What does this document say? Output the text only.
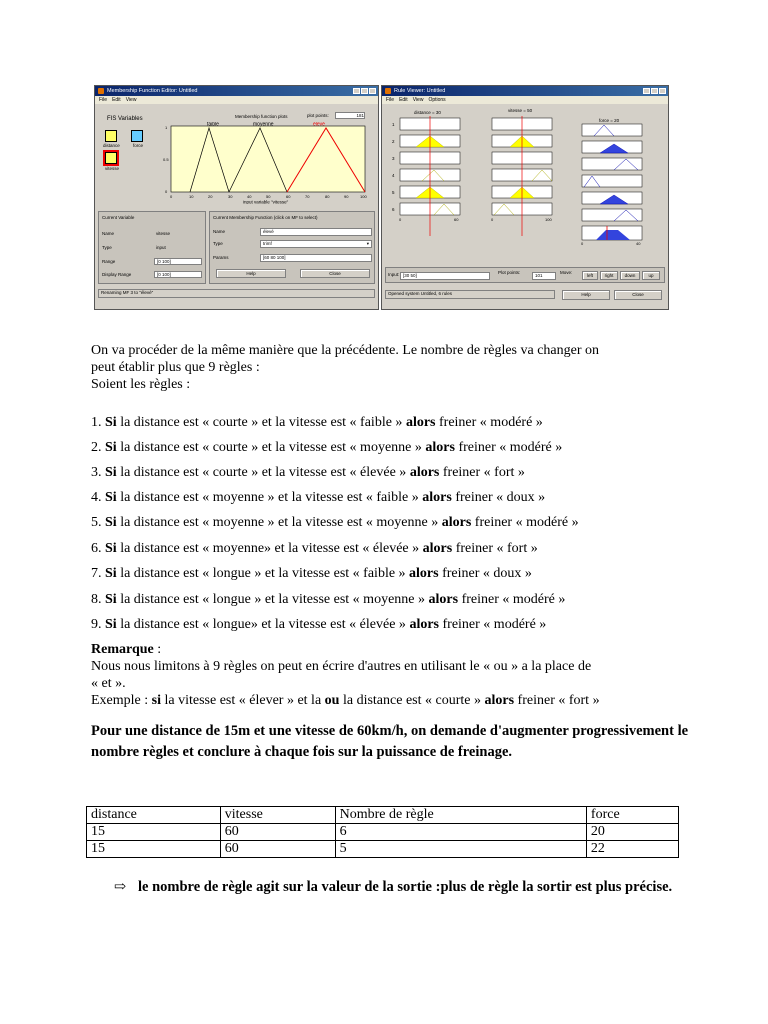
Membership Function Editor: Untitled
File Edit View
FIS Variables
distance	force
vitesse
Membership function plots	plot points:	181
faible	moyenne	élevé
1
0.5
0
0	10	20	30	40	50	60	70	80	90	100
input variable "vitesse"
Current Variable
Name	vitesse
Type	input
Range	[0 100]
Display Range	[0 100]
Current Membership Function (click on MF to select)
Name	élevé
Type	trimf	▾
Params	[60 80 100]
Help	Close
Renaming MF 3 to "élevé"
Rule Viewer: Untitled
File Edit View Options
distance = 30	vitesse = 50
force = 20
1
2
3
4
5
6
0	60	0	100
0	40
Input: [30 50]
Plot points:
101
Move:
left	right	down	up
Opened system Untitled, 6 rules	Help	Close
On va procéder de la même manière que la précédente. Le nombre de règles va changer on
peut établir plus que 9 règles :
Soient les règles :
1. Si la distance est « courte » et la vitesse est « faible » alors freiner « modéré »
2. Si la distance est « courte » et la vitesse est « moyenne » alors freiner « modéré »
3. Si la distance est « courte » et la vitesse est « élevée » alors freiner « fort »
4. Si la distance est « moyenne » et la vitesse est « faible » alors freiner « doux »
5. Si la distance est « moyenne » et la vitesse est « moyenne » alors freiner « modéré »
6. Si la distance est « moyenne» et la vitesse est « élevée » alors freiner « fort »
7. Si la distance est « longue » et la vitesse est « faible » alors freiner « doux »
8. Si la distance est « longue » et la vitesse est « moyenne » alors freiner « modéré »
9. Si la distance est « longue» et la vitesse est « élevée » alors freiner « modéré »
Remarque :
Nous nous limitons à 9 règles on peut en écrire d'autres en utilisant le « ou » a la place de
« et ».
Exemple : si la vitesse est « élever » et la ou la distance est « courte » alors freiner « fort »
Pour une distance de 15m et une vitesse de 60km/h, on demande d'augmenter progressivement le nombre règles et conclure à chaque fois sur la puissance de freinage.
distance	vitesse	Nombre de règle	force
15	60	6	20
15	60	5	22
⇨ le nombre de règle agit sur la valeur de la sortie :plus de règle la sortir est plus précise.
